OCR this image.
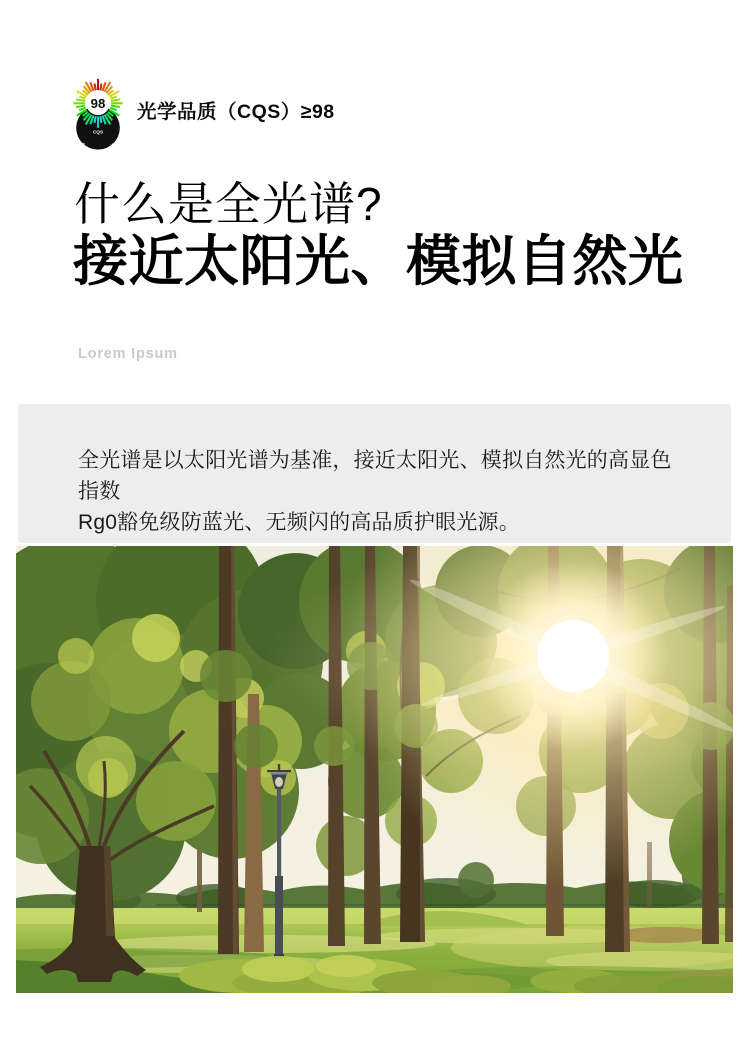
98
CQS
Color Quality Scale
光学品质（CQS）≥98
什么是全光谱?
接近太阳光、模拟自然光
Lorem Ipsum

全光谱是以太阳光谱为基准，接近太阳光、模拟自然光的高显色指数

Rg0豁免级防蓝光、无频闪的高品质护眼光源。
